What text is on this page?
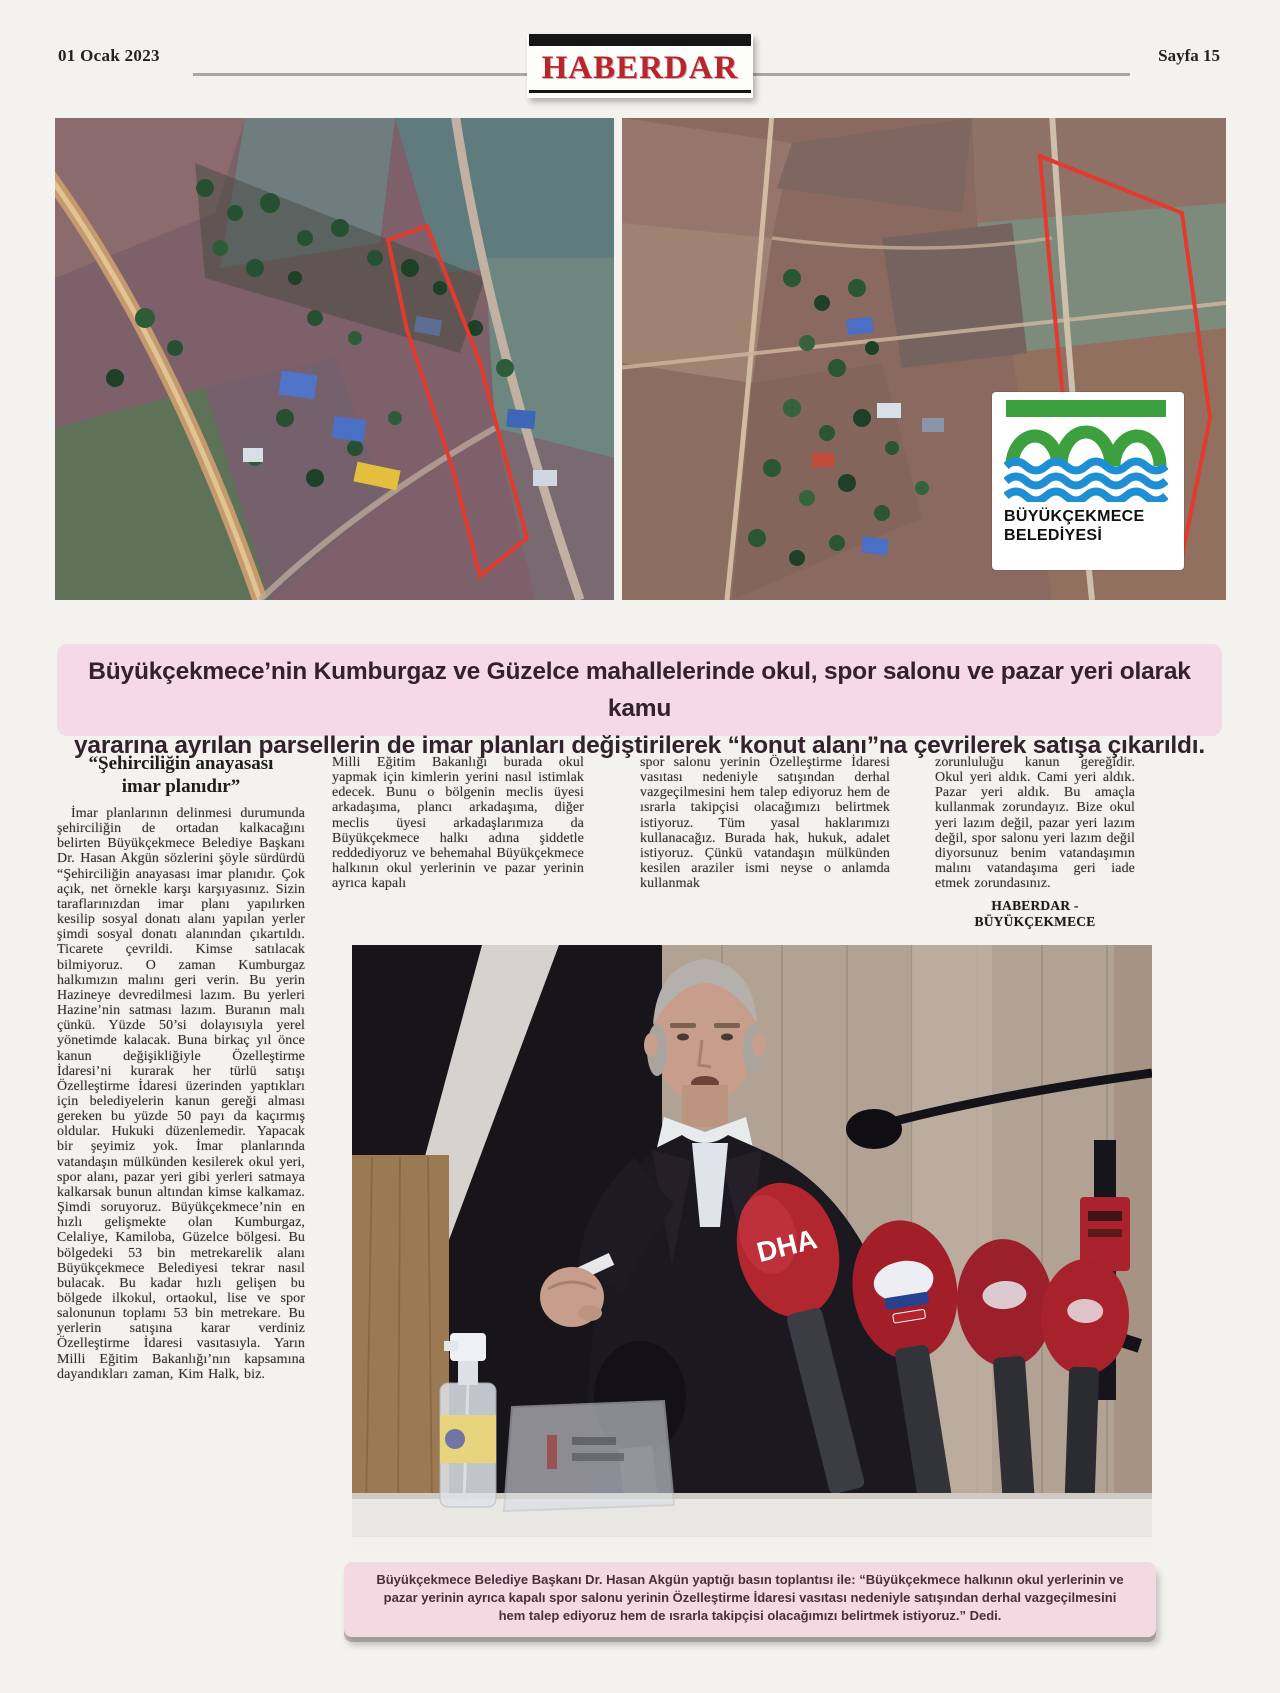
01 Ocak 2023	Sayfa 15
HABERDAR
BÜYÜKÇEKMECE
BELEDİYESİ
Büyükçekmece’nin Kumburgaz ve Güzelce mahallelerinde okul, spor salonu ve pazar yeri olarak kamu
yararına ayrılan parsellerin de imar planları değiştirilerek “konut alanı”na çevrilerek satışa çıkarıldı.
“Şehirciliğin anayasası
imar planıdır”
İmar planlarının delinmesi durumunda şehirciliğin de ortadan kalkacağını belirten Büyükçekmece Belediye Başkanı Dr. Hasan Akgün sözlerini şöyle sürdürdü “Şehirciliğin anayasası imar planıdır. Çok açık, net örnekle karşı karşıyasınız. Sizin taraflarınızdan imar planı yapılırken kesilip sosyal donatı alanı yapılan yerler şimdi sosyal donatı alanından çıkartıldı. Ticarete çevrildi. Kimse satılacak bilmiyoruz. O zaman Kumburgaz halkımızın malını geri verin. Bu yerin Hazineye devredilmesi lazım. Bu yerleri Hazine’nin satması lazım. Buranın malı çünkü. Yüzde 50’si dolayısıyla yerel yönetimde kalacak. Buna birkaç yıl önce kanun değişikliğiyle Özelleştirme İdaresi’ni kurarak her türlü satışı Özelleştirme İdaresi üzerinden yaptıkları için belediyelerin kanun gereği alması gereken bu yüzde 50 payı da kaçırmış oldular. Hukuki düzenlemedir. Yapacak bir şeyimiz yok. İmar planlarında vatandaşın mülkünden kesilerek okul yeri, spor alanı, pazar yeri gibi yerleri satmaya kalkarsak bunun altından kimse kalkamaz. Şimdi soruyoruz. Büyükçekmece’nin en hızlı gelişmekte olan Kumburgaz, Celaliye, Kamiloba, Güzelce bölgesi. Bu bölgedeki 53 bin metrekarelik alanı Büyükçekmece Belediyesi tekrar nasıl bulacak. Bu kadar hızlı gelişen bu bölgede ilkokul, ortaokul, lise ve spor salonunun toplamı 53 bin metrekare. Bu yerlerin satışına karar verdiniz Özelleştirme İdaresi vasıtasıyla. Yarın Milli Eğitim Bakanlığı’nın kapsamına dayandıkları zaman, Kim Halk, biz.
Milli Eğitim Bakanlığı burada okul yapmak için kimlerin yerini nasıl istimlak edecek. Bunu o bölgenin meclis üyesi arkadaşıma, plancı arkadaşıma, diğer meclis üyesi arkadaşlarımıza da Büyükçekmece halkı adına şiddetle reddediyoruz ve behemahal Büyükçekmece halkının okul yerlerinin ve pazar yerinin ayrıca kapalı
spor salonu yerinin Özelleştirme İdaresi vasıtası nedeniyle satışından derhal vazgeçilmesini hem talep ediyoruz hem de ısrarla takipçisi olacağımızı belirtmek istiyoruz. Tüm yasal haklarımızı kullanacağız. Burada hak, hukuk, adalet istiyoruz. Çünkü vatandaşın mülkünden kesilen araziler ismi neyse o anlamda kullanmak
zorunluluğu kanun gereğidir. Okul yeri aldık. Cami yeri aldık. Pazar yeri aldık. Bu amaçla kullanmak zorundayız. Bize okul yeri lazım değil, pazar yeri lazım değil, spor salonu yeri lazım değil diyorsunuz benim vatandaşımın malını vatandaşıma geri iade etmek zorundasınız.
HABERDAR - BÜYÜKÇEKMECE
DHA
Büyükçekmece Belediye Başkanı Dr. Hasan Akgün yaptığı basın toplantısı ile: “Büyükçekmece halkının okul yerlerinin ve pazar yerinin ayrıca kapalı spor salonu yerinin Özelleştirme İdaresi vasıtası nedeniyle satışından derhal vazgeçilmesini hem talep ediyoruz hem de ısrarla takipçisi olacağımızı belirtmek istiyoruz.” Dedi.
